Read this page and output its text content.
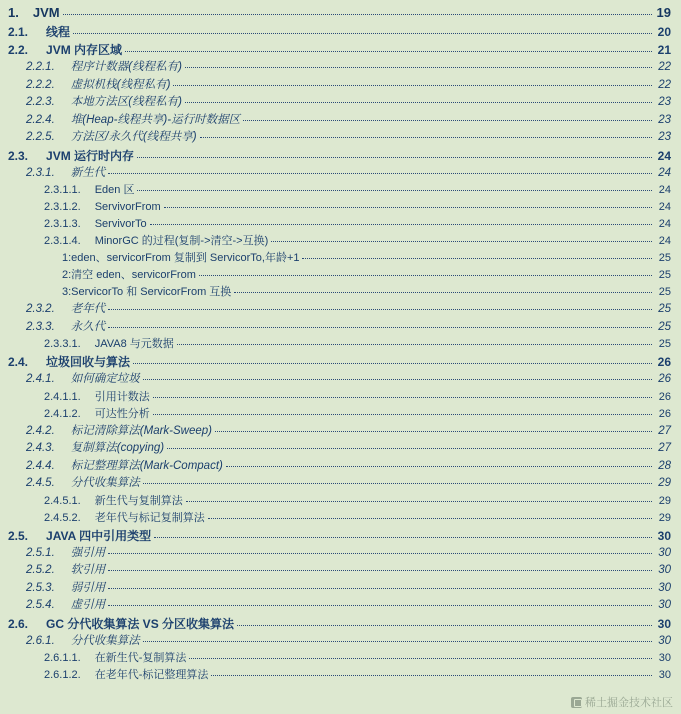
1.	JVM	19
2.1.	线程	20
2.2.	JVM 内存区域	21
2.2.1.	程序计数器(线程私有)	22
2.2.2.	虚拟机栈(线程私有)	22
2.2.3.	本地方法区(线程私有)	23
2.2.4.	堆(Heap-线程共享)-运行时数据区	23
2.2.5.	方法区/永久代(线程共享)	23
2.3.	JVM 运行时内存	24
2.3.1.	新生代	24
2.3.1.1.	Eden 区	24
2.3.1.2.	ServivorFrom	24
2.3.1.3.	ServivorTo	24
2.3.1.4.	MinorGC 的过程(复制->清空->互换)	24
1:eden、servicorFrom 复制到 ServicorTo,年龄+1	25
2:清空 eden、servicorFrom	25
3:ServicorTo 和 ServicorFrom 互换	25
2.3.2.	老年代	25
2.3.3.	永久代	25
2.3.3.1.	JAVA8 与元数据	25
2.4.	垃圾回收与算法	26
2.4.1.	如何确定垃圾	26
2.4.1.1.	引用计数法	26
2.4.1.2.	可达性分析	26
2.4.2.	标记清除算法(Mark-Sweep)	27
2.4.3.	复制算法(copying)	27
2.4.4.	标记整理算法(Mark-Compact)	28
2.4.5.	分代收集算法	29
2.4.5.1.	新生代与复制算法	29
2.4.5.2.	老年代与标记复制算法	29
2.5.	JAVA 四中引用类型	30
2.5.1.	强引用	30
2.5.2.	软引用	30
2.5.3.	弱引用	30
2.5.4.	虚引用	30
2.6.	GC 分代收集算法 VS 分区收集算法	30
2.6.1.	分代收集算法	30
2.6.1.1.	在新生代-复制算法	30
2.6.1.2.	在老年代-标记整理算法	30
稀土掘金技术社区
